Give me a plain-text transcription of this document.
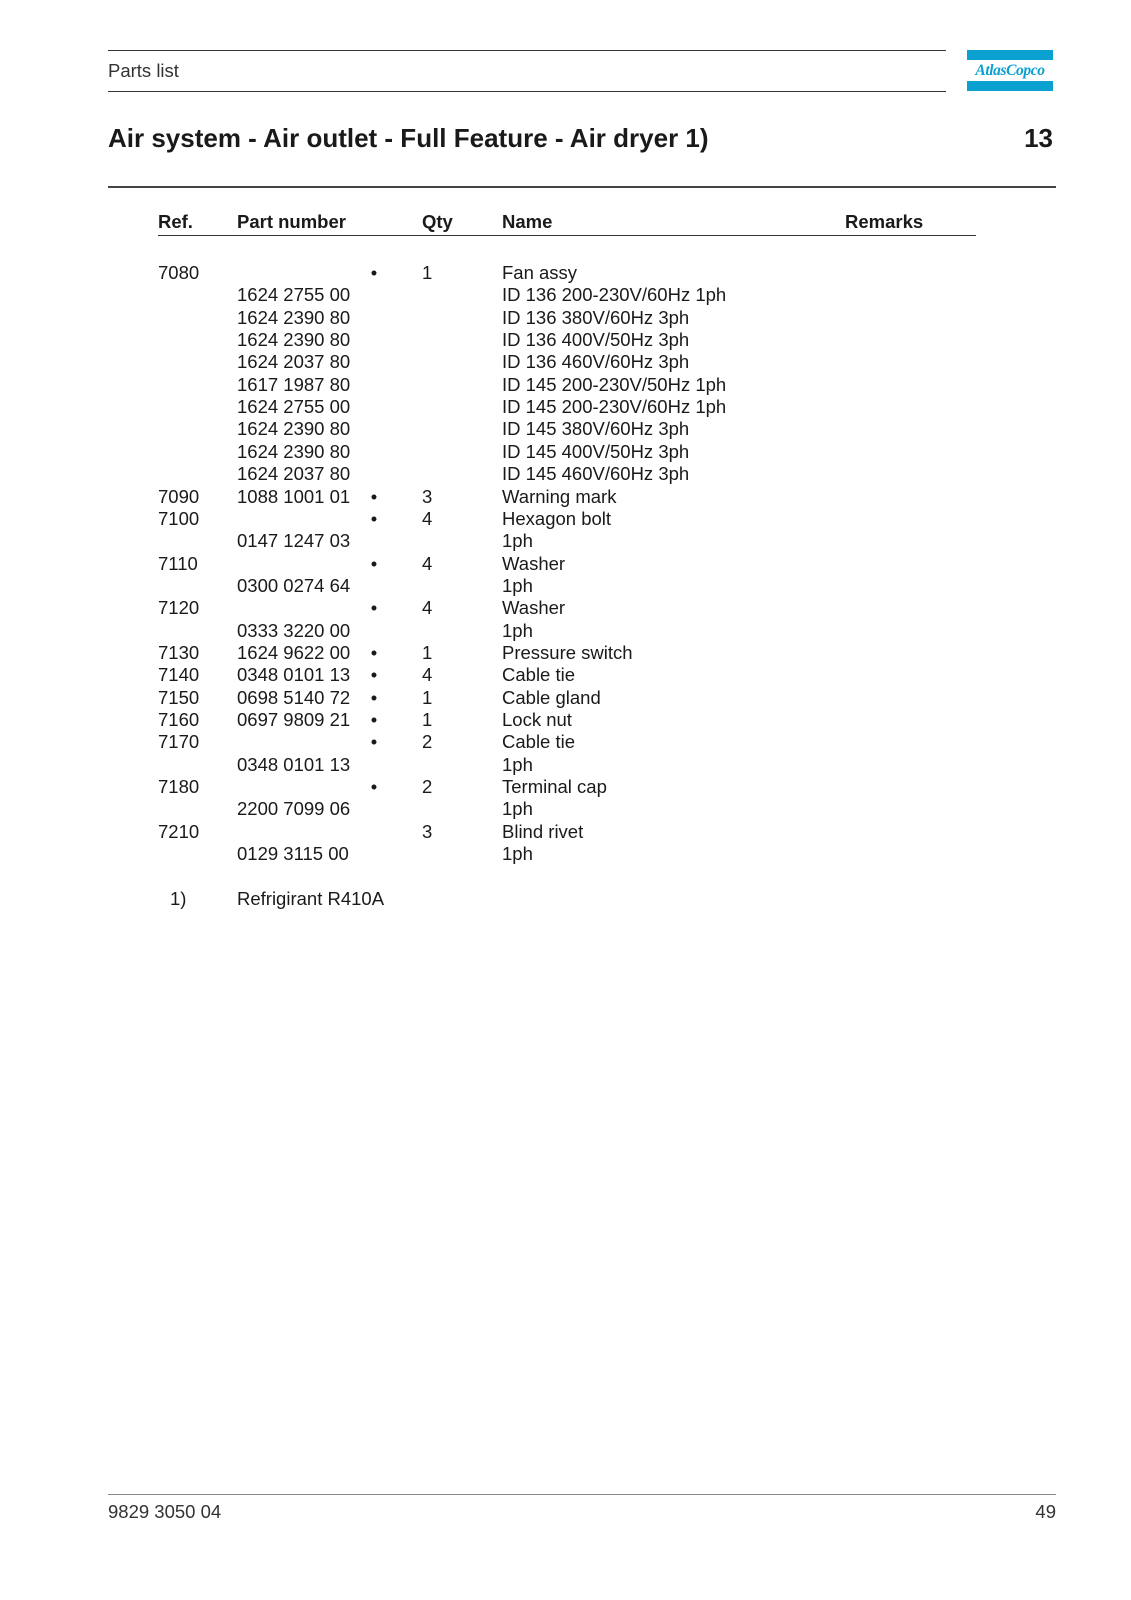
Parts list	AtlasCopco
Air system - Air outlet - Full Feature - Air dryer 1)	13
Ref. Part number	Qty	Name	Remarks
7080	• 1	Fan assy
1624 2755 00	ID 136 200-230V/60Hz 1ph
1624 2390 80	ID 136 380V/60Hz 3ph
1624 2390 80	ID 136 400V/50Hz 3ph
1624 2037 80	ID 136 460V/60Hz 3ph
1617 1987 80	ID 145 200-230V/50Hz 1ph
1624 2755 00	ID 145 200-230V/60Hz 1ph
1624 2390 80	ID 145 380V/60Hz 3ph
1624 2390 80	ID 145 400V/50Hz 3ph
1624 2037 80	ID 145 460V/60Hz 3ph
7090 1088 1001 01 • 3	Warning mark
7100	• 4	Hexagon bolt
0147 1247 03	1ph
7110	• 4	Washer
0300 0274 64	1ph
7120	• 4	Washer
0333 3220 00	1ph
7130 1624 9622 00 • 1	Pressure switch
7140 0348 0101 13 • 4	Cable tie
7150 0698 5140 72 • 1	Cable gland
7160 0697 9809 21 • 1	Lock nut
7170	• 2	Cable tie
0348 0101 13	1ph
7180	• 2	Terminal cap
2200 7099 06	1ph
7210	3	Blind rivet
0129 3115 00	1ph
1)	Refrigirant R410A
9829 3050 04	49
